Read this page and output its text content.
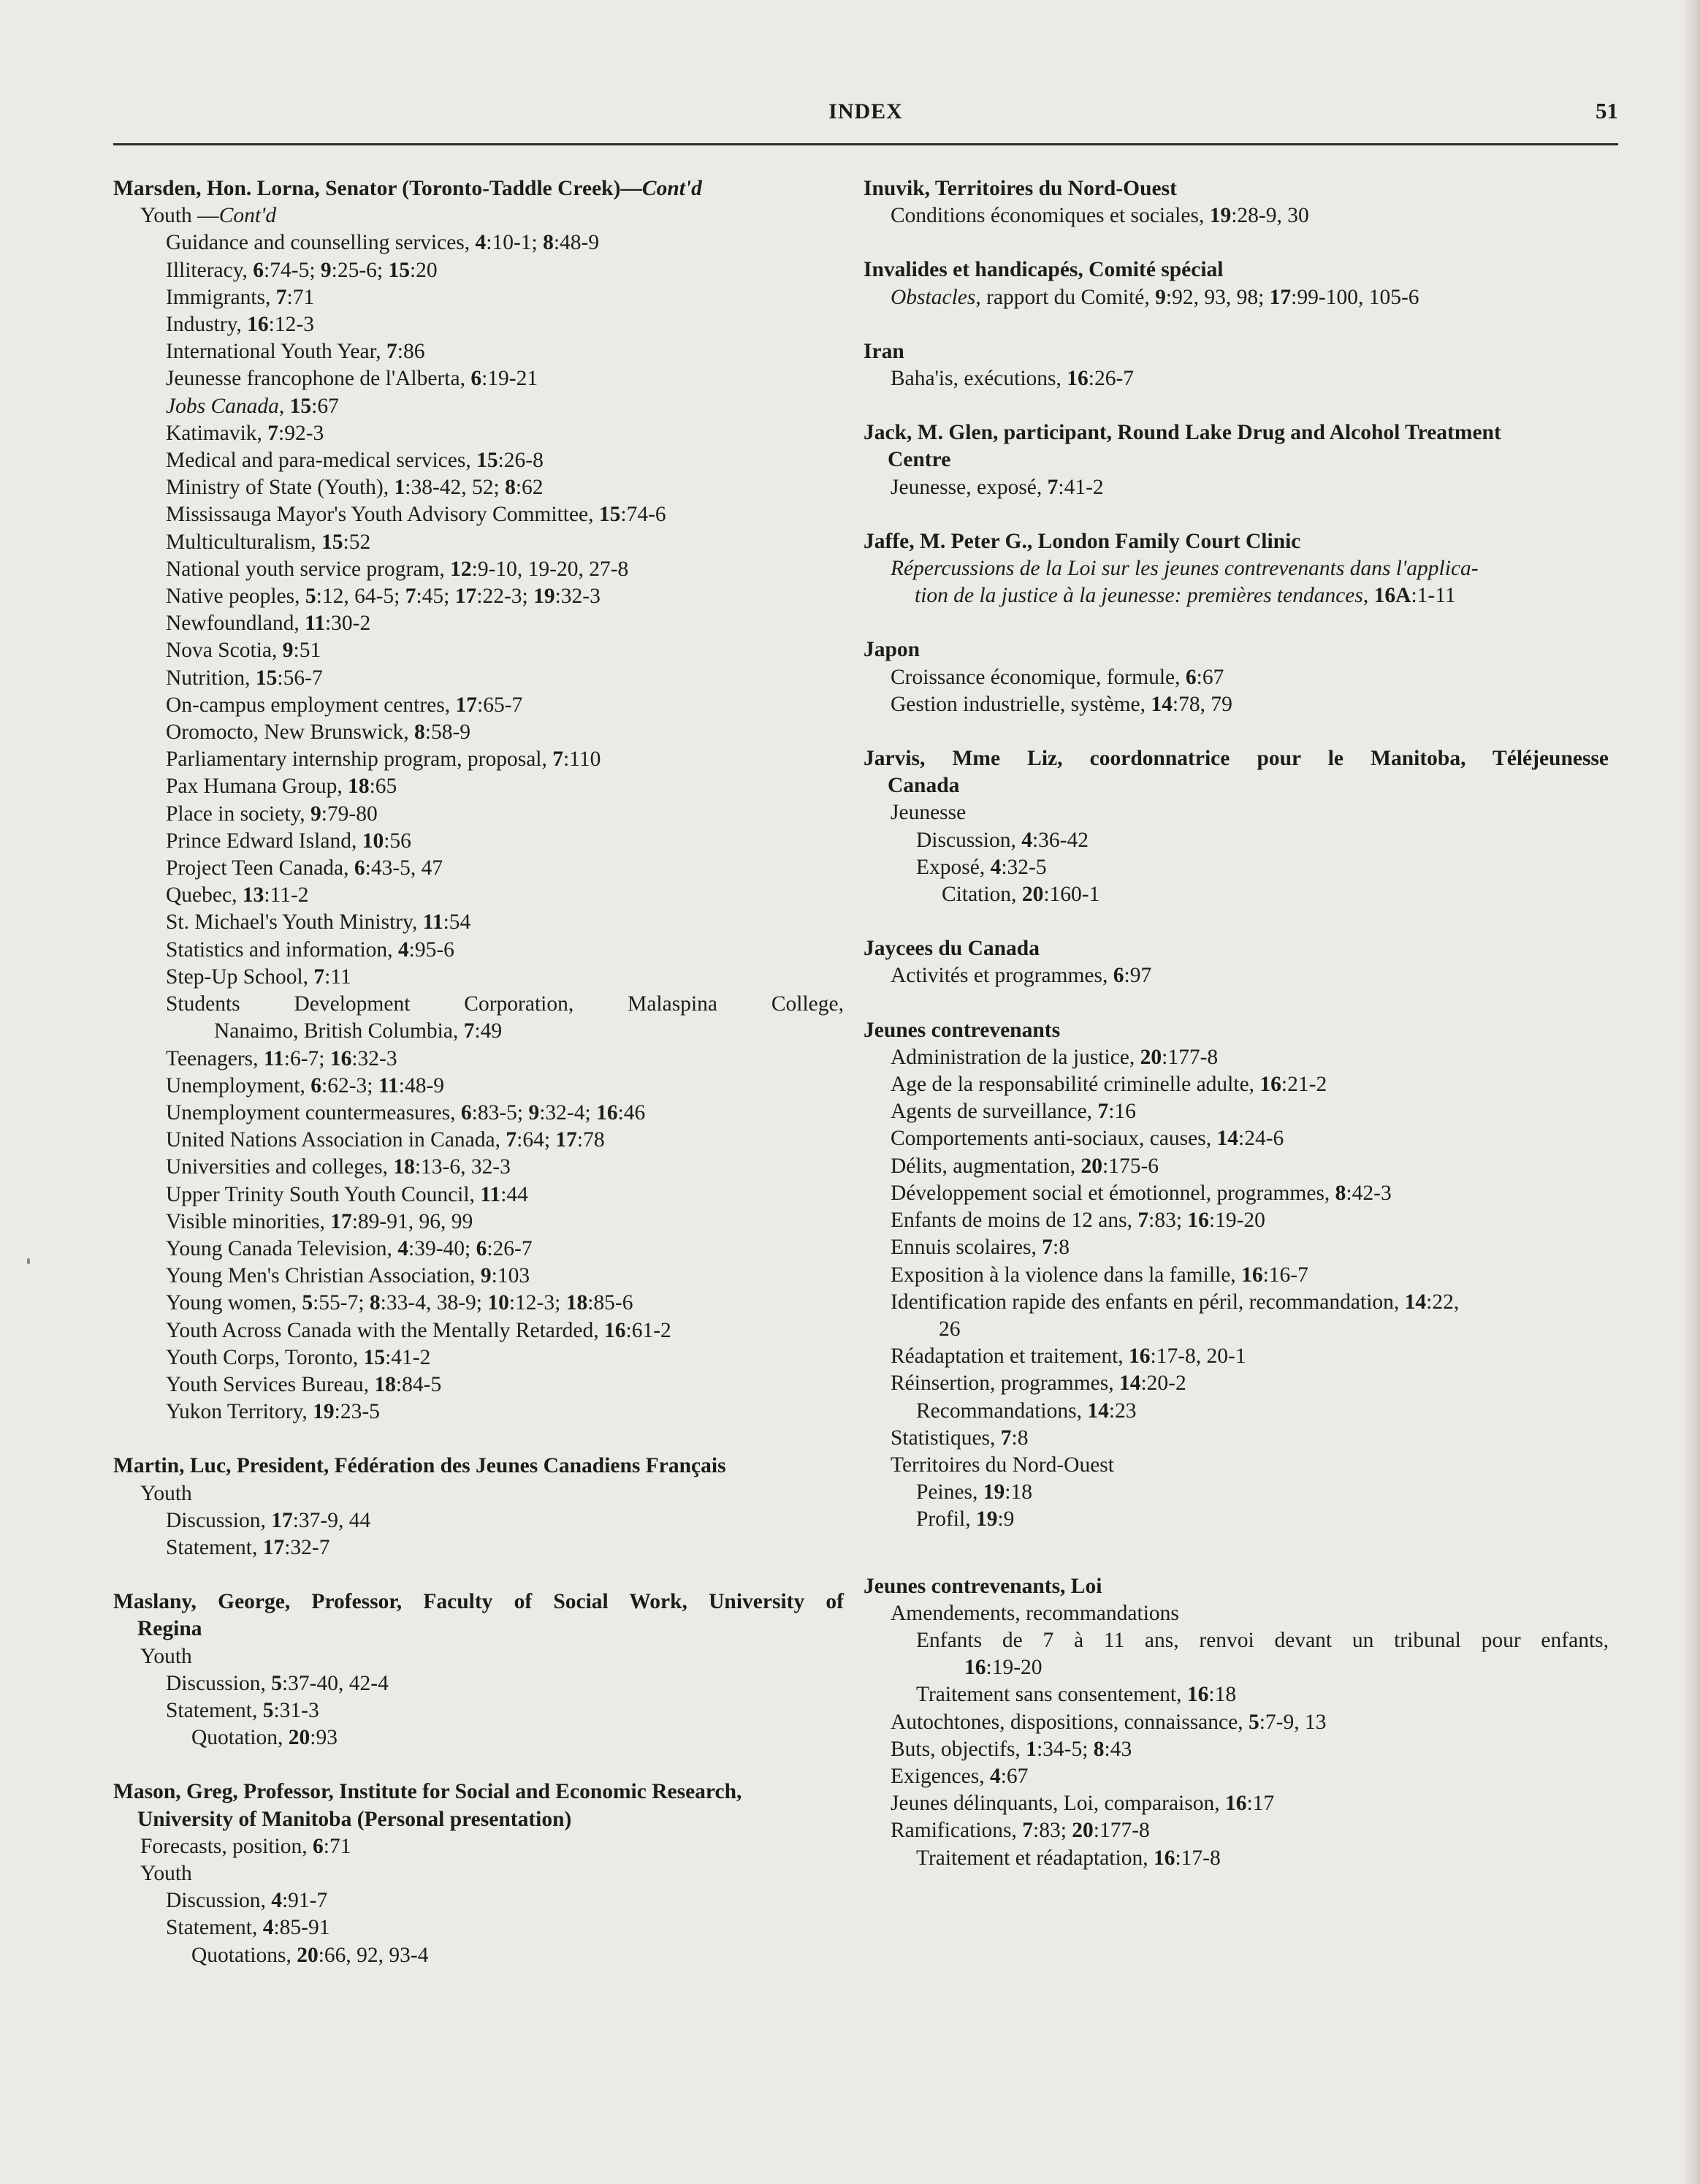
INDEX	51
Marsden, Hon. Lorna, Senator (Toronto-Taddle Creek)—Cont'd
Youth —Cont'd
Guidance and counselling services, 4:10-1; 8:48-9
Illiteracy, 6:74-5; 9:25-6; 15:20
Immigrants, 7:71
Industry, 16:12-3
International Youth Year, 7:86
Jeunesse francophone de l'Alberta, 6:19-21
Jobs Canada, 15:67
Katimavik, 7:92-3
Medical and para-medical services, 15:26-8
Ministry of State (Youth), 1:38-42, 52; 8:62
Mississauga Mayor's Youth Advisory Committee, 15:74-6
Multiculturalism, 15:52
National youth service program, 12:9-10, 19-20, 27-8
Native peoples, 5:12, 64-5; 7:45; 17:22-3; 19:32-3
Newfoundland, 11:30-2
Nova Scotia, 9:51
Nutrition, 15:56-7
On-campus employment centres, 17:65-7
Oromocto, New Brunswick, 8:58-9
Parliamentary internship program, proposal, 7:110
Pax Humana Group, 18:65
Place in society, 9:79-80
Prince Edward Island, 10:56
Project Teen Canada, 6:43-5, 47
Quebec, 13:11-2
St. Michael's Youth Ministry, 11:54
Statistics and information, 4:95-6
Step-Up School, 7:11
Students Development Corporation, Malaspina College,
Nanaimo, British Columbia, 7:49
Teenagers, 11:6-7; 16:32-3
Unemployment, 6:62-3; 11:48-9
Unemployment countermeasures, 6:83-5; 9:32-4; 16:46
United Nations Association in Canada, 7:64; 17:78
Universities and colleges, 18:13-6, 32-3
Upper Trinity South Youth Council, 11:44
Visible minorities, 17:89-91, 96, 99
Young Canada Television, 4:39-40; 6:26-7
Young Men's Christian Association, 9:103
Young women, 5:55-7; 8:33-4, 38-9; 10:12-3; 18:85-6
Youth Across Canada with the Mentally Retarded, 16:61-2
Youth Corps, Toronto, 15:41-2
Youth Services Bureau, 18:84-5
Yukon Territory, 19:23-5
Martin, Luc, President, Fédération des Jeunes Canadiens Français
Youth
Discussion, 17:37-9, 44
Statement, 17:32-7
Maslany, George, Professor, Faculty of Social Work, University of
Regina
Youth
Discussion, 5:37-40, 42-4
Statement, 5:31-3
Quotation, 20:93
Mason, Greg, Professor, Institute for Social and Economic Research,
University of Manitoba (Personal presentation)
Forecasts, position, 6:71
Youth
Discussion, 4:91-7
Statement, 4:85-91
Quotations, 20:66, 92, 93-4
Inuvik, Territoires du Nord-Ouest
Conditions économiques et sociales, 19:28-9, 30
Invalides et handicapés, Comité spécial
Obstacles, rapport du Comité, 9:92, 93, 98; 17:99-100, 105-6
Iran
Baha'is, exécutions, 16:26-7
Jack, M. Glen, participant, Round Lake Drug and Alcohol Treatment
Centre
Jeunesse, exposé, 7:41-2
Jaffe, M. Peter G., London Family Court Clinic
Répercussions de la Loi sur les jeunes contrevenants dans l'applica-
tion de la justice à la jeunesse: premières tendances, 16A:1-11
Japon
Croissance économique, formule, 6:67
Gestion industrielle, système, 14:78, 79
Jarvis, Mme Liz, coordonnatrice pour le Manitoba, Téléjeunesse
Canada
Jeunesse
Discussion, 4:36-42
Exposé, 4:32-5
Citation, 20:160-1
Jaycees du Canada
Activités et programmes, 6:97
Jeunes contrevenants
Administration de la justice, 20:177-8
Age de la responsabilité criminelle adulte, 16:21-2
Agents de surveillance, 7:16
Comportements anti-sociaux, causes, 14:24-6
Délits, augmentation, 20:175-6
Développement social et émotionnel, programmes, 8:42-3
Enfants de moins de 12 ans, 7:83; 16:19-20
Ennuis scolaires, 7:8
Exposition à la violence dans la famille, 16:16-7
Identification rapide des enfants en péril, recommandation, 14:22,
26
Réadaptation et traitement, 16:17-8, 20-1
Réinsertion, programmes, 14:20-2
Recommandations, 14:23
Statistiques, 7:8
Territoires du Nord-Ouest
Peines, 19:18
Profil, 19:9
Jeunes contrevenants, Loi
Amendements, recommandations
Enfants de 7 à 11 ans, renvoi devant un tribunal pour enfants,
16:19-20
Traitement sans consentement, 16:18
Autochtones, dispositions, connaissance, 5:7-9, 13
Buts, objectifs, 1:34-5; 8:43
Exigences, 4:67
Jeunes délinquants, Loi, comparaison, 16:17
Ramifications, 7:83; 20:177-8
Traitement et réadaptation, 16:17-8
